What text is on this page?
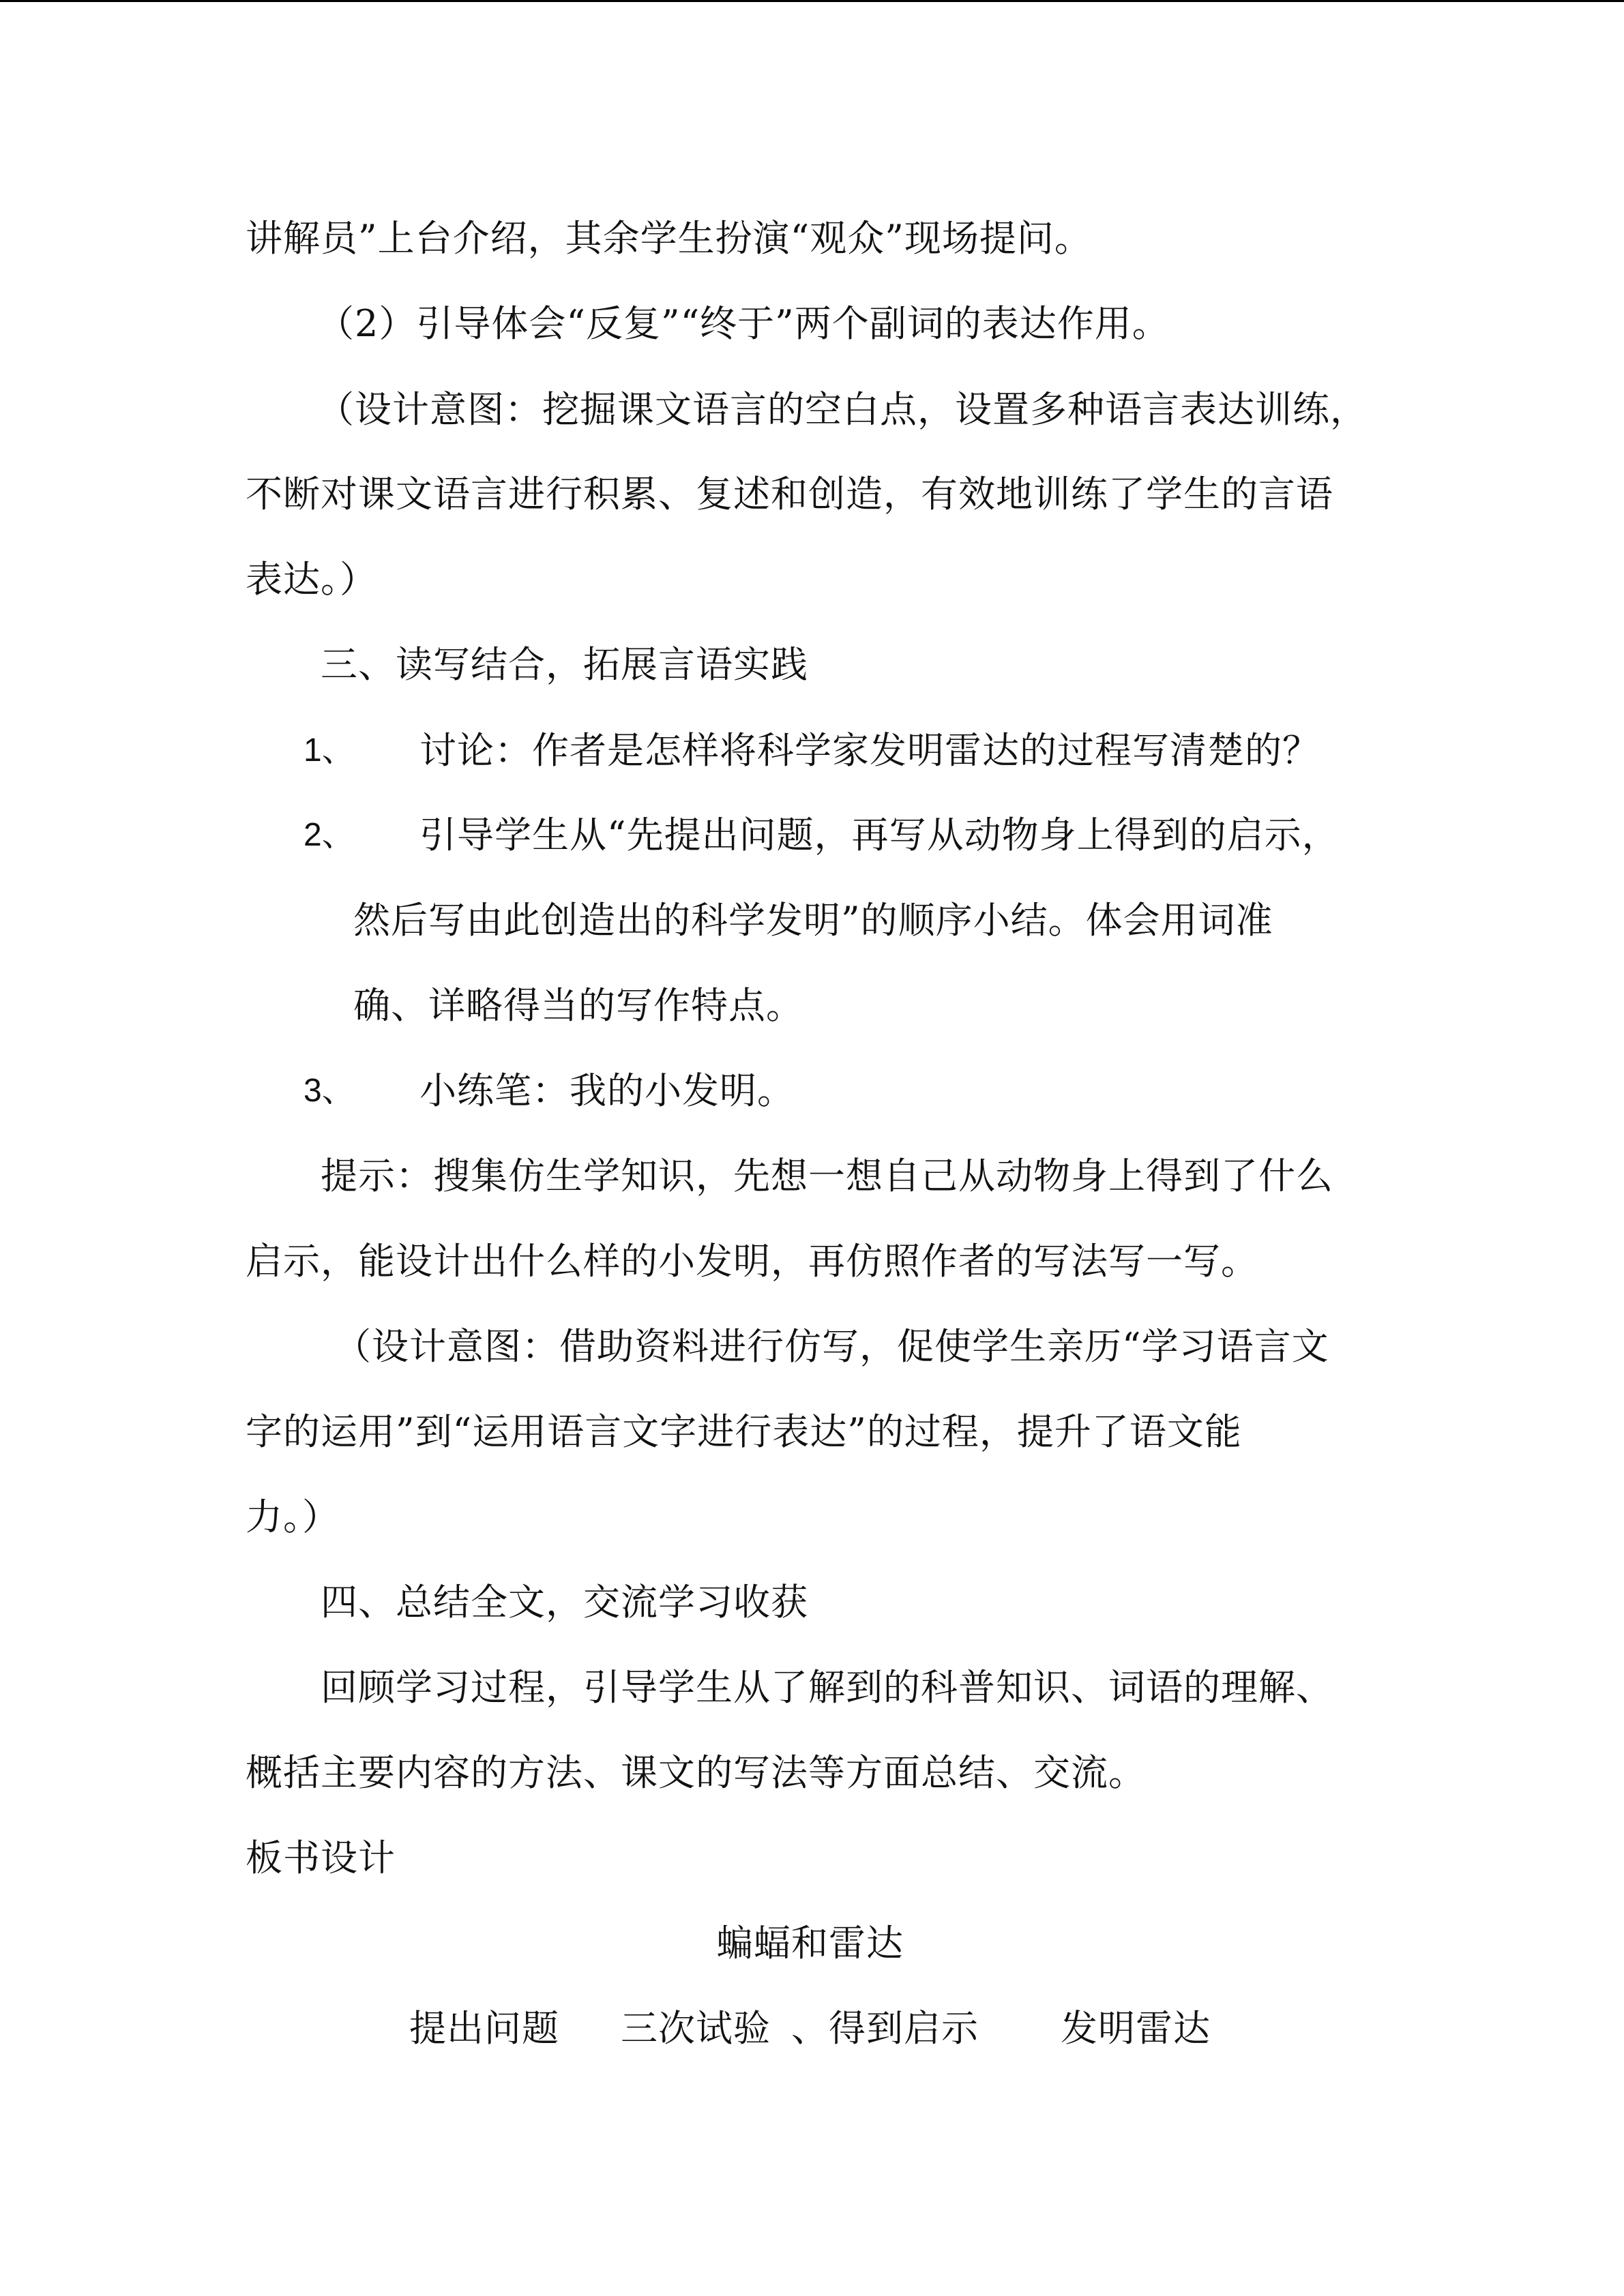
讲解员”上台介绍，其余学生扮演“观众”现场提问。
（2）引导体会“反复”“终于”两个副词的表达作用。
（设计意图：挖掘课文语言的空白点，设置多种语言表达训练，
不断对课文语言进行积累、复述和创造，有效地训练了学生的言语
表达。）
三、读写结合，拓展言语实践
1、 讨论：作者是怎样将科学家发明雷达的过程写清楚的？
2、 引导学生从“先提出问题，再写从动物身上得到的启示，
然后写由此创造出的科学发明”的顺序小结。体会用词准
确、详略得当的写作特点。
3、 小练笔：我的小发明。
提示：搜集仿生学知识，先想一想自己从动物身上得到了什么
启示，能设计出什么样的小发明，再仿照作者的写法写一写。
（设计意图：借助资料进行仿写，促使学生亲历“学习语言文
字的运用”到“运用语言文字进行表达”的过程，提升了语文能
力。）
四、总结全文，交流学习收获
回顾学习过程，引导学生从了解到的科普知识、词语的理解、
概括主要内容的方法、课文的写法等方面总结、交流。
板书设计
蝙蝠和雷达
提出问题 三次试验 、得到启示 发明雷达
